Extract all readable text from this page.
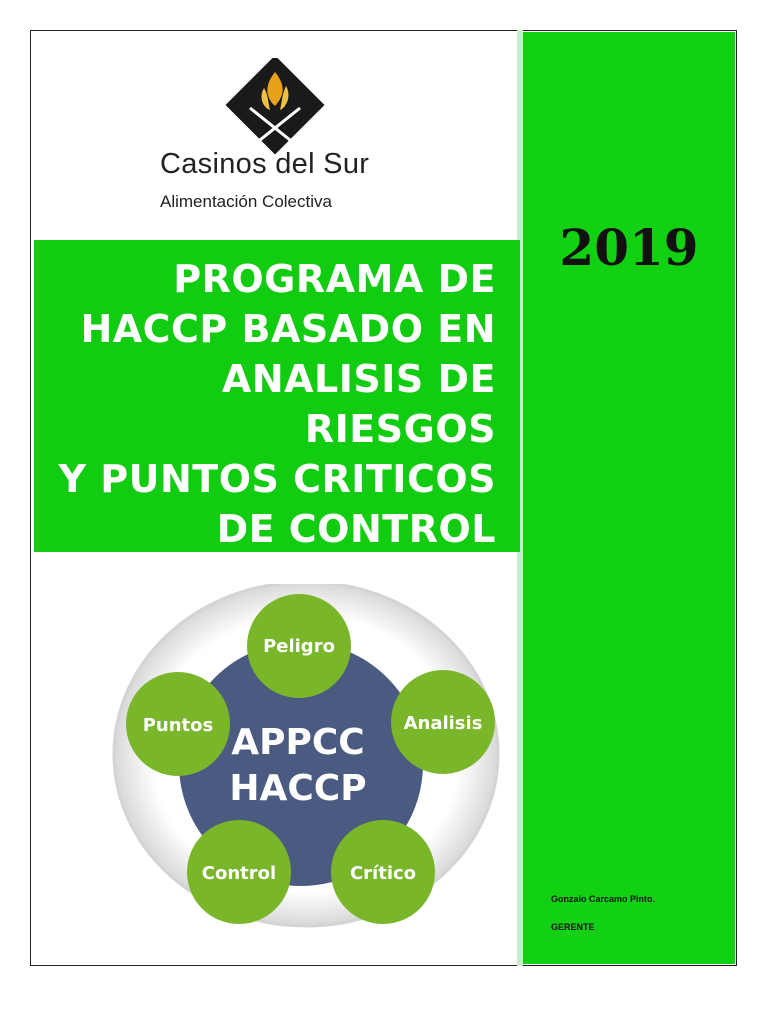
2019
Gonzalo Carcamo Pinto.
GERENTE
Casinos del Sur
Alimentación Colectiva
PROGRAMA DE
HACCP BASADO EN
ANALISIS DE RIESGOS
Y PUNTOS CRITICOS
DE CONTROL
APPCC
HACCP
Peligro
Analisis
Crítico
Control
Puntos
